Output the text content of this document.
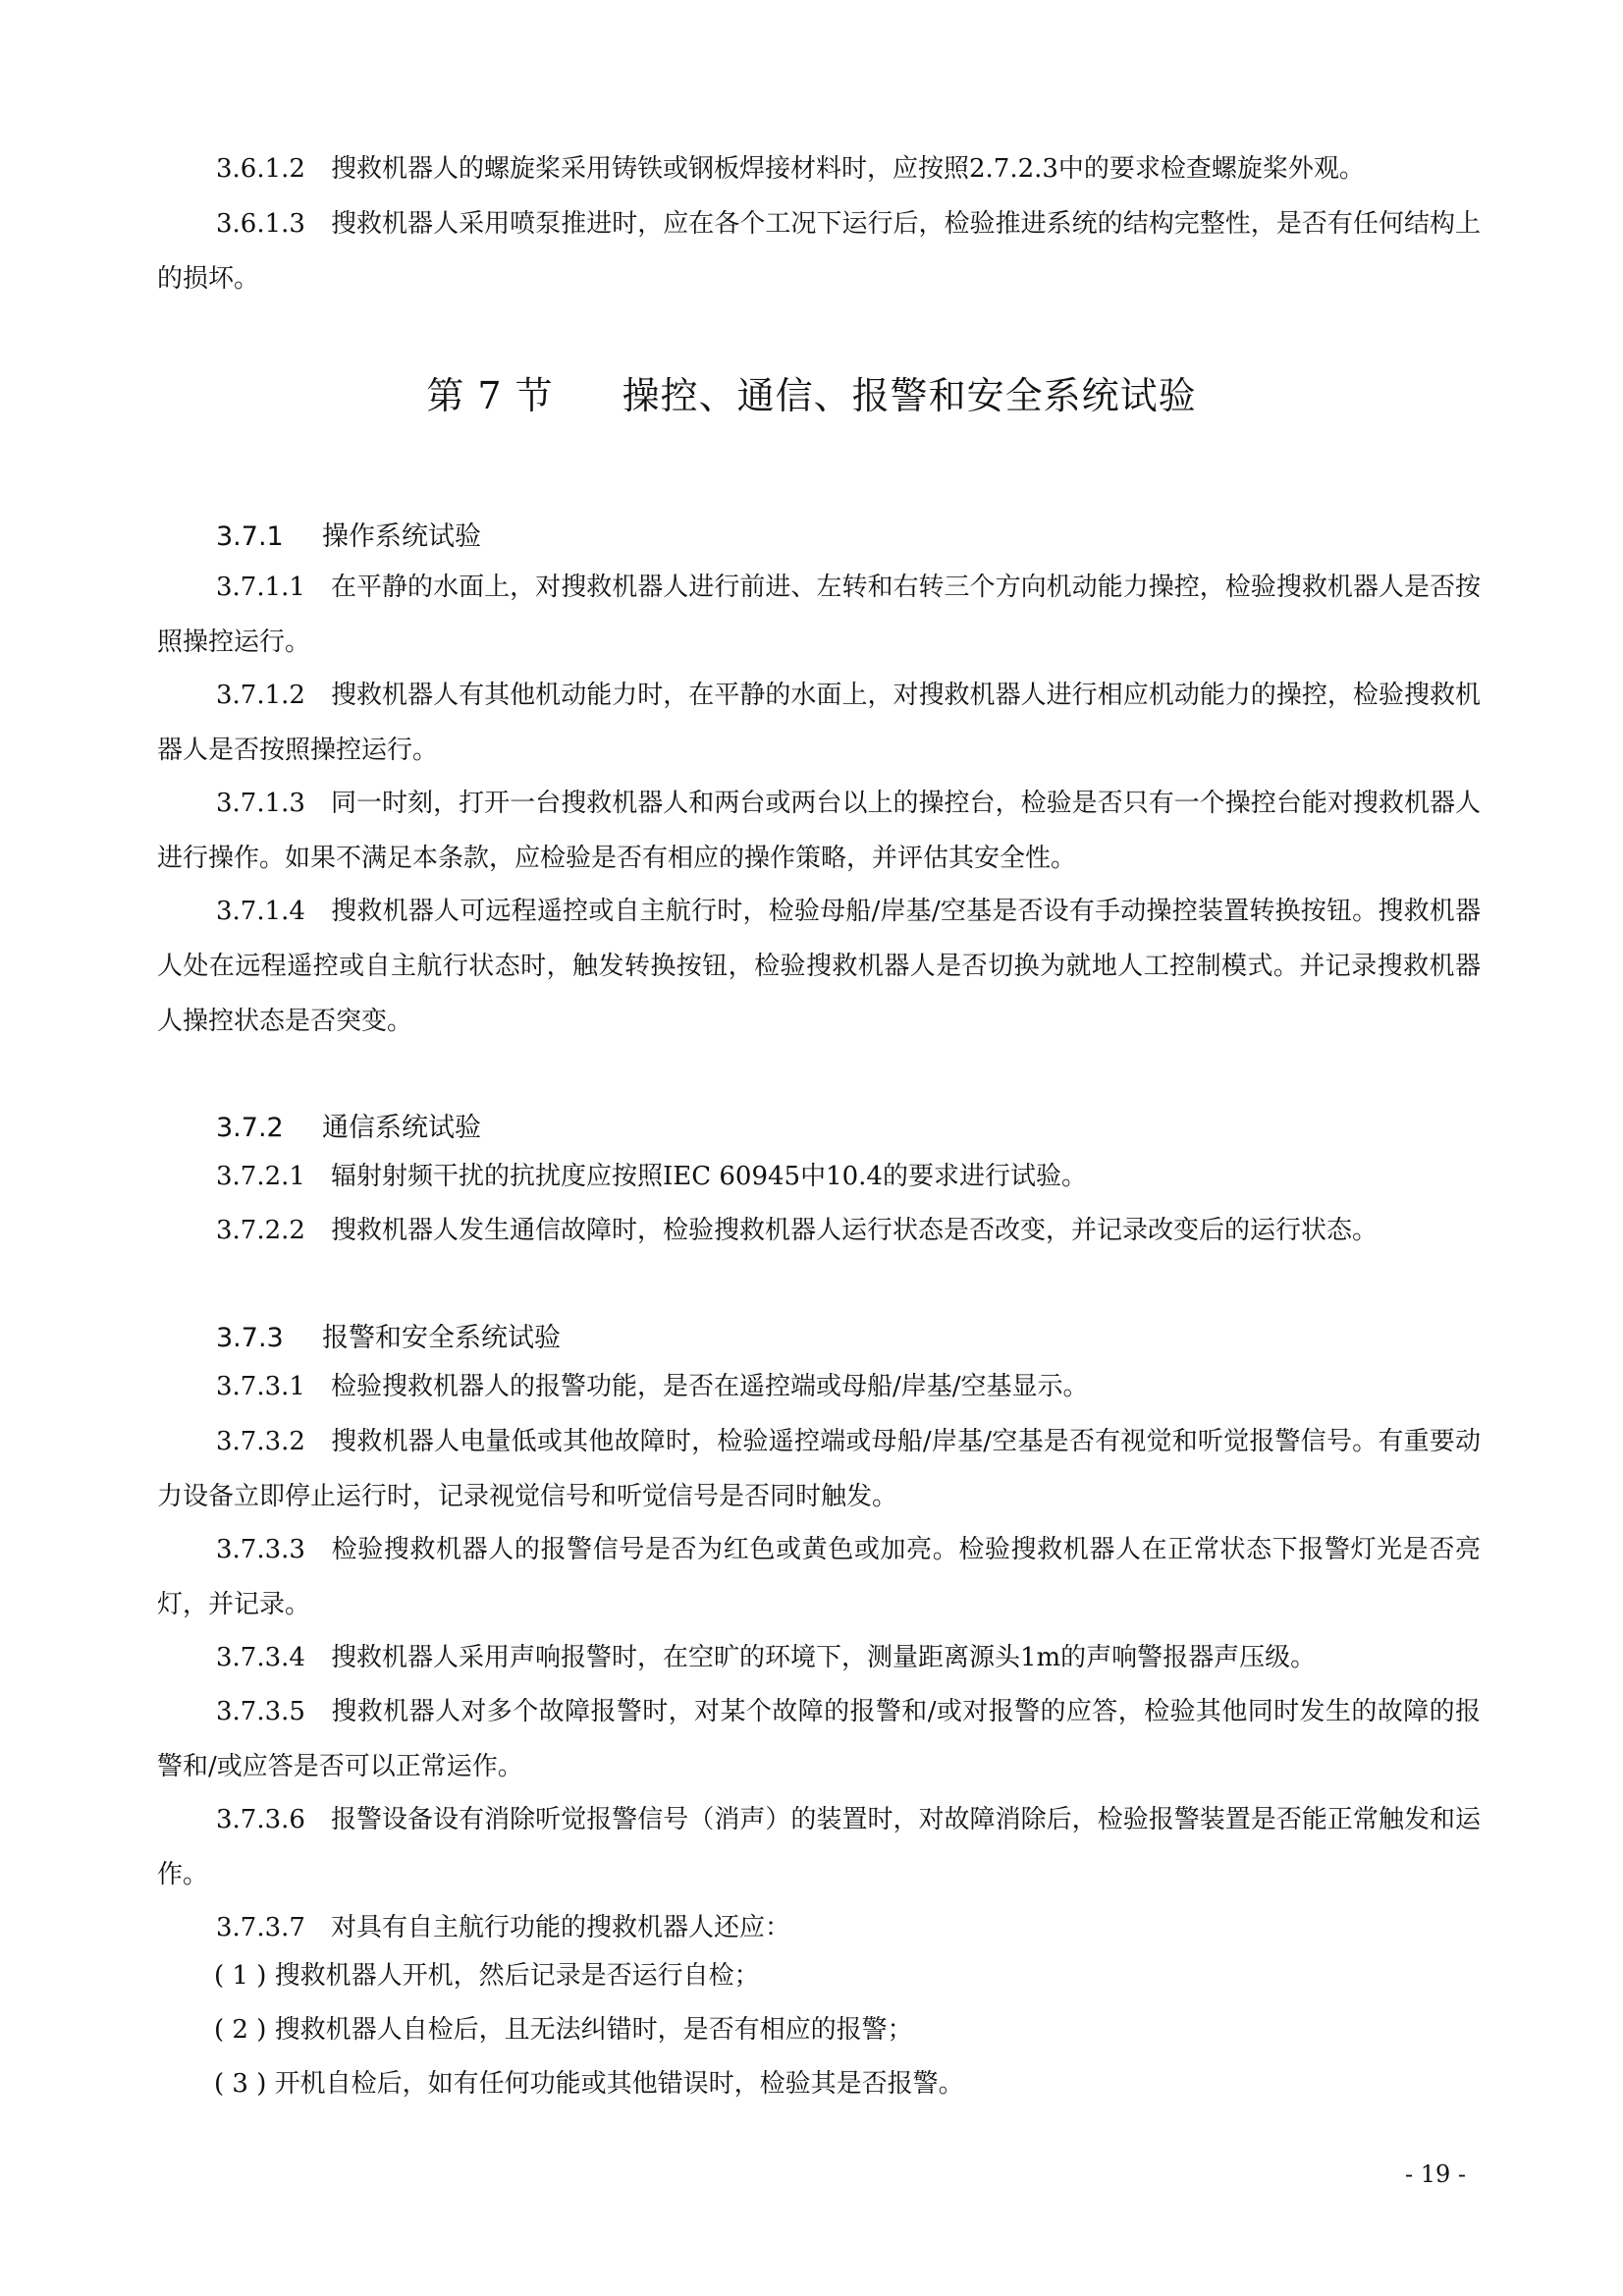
3.6.1.2 搜救机器人的螺旋桨采用铸铁或钢板焊接材料时，应按照2.7.2.3中的要求检查螺旋桨外观。

3.6.1.3 搜救机器人采用喷泵推进时，应在各个工况下运行后，检验推进系统的结构完整性，是否有任何结构上的损坏。

第 7 节 操控、通信、报警和安全系统试验
3.7.1 操作系统试验

3.7.1.1 在平静的水面上，对搜救机器人进行前进、左转和右转三个方向机动能力操控，检验搜救机器人是否按照操控运行。

3.7.1.2 搜救机器人有其他机动能力时，在平静的水面上，对搜救机器人进行相应机动能力的操控，检验搜救机器人是否按照操控运行。

3.7.1.3 同一时刻，打开一台搜救机器人和两台或两台以上的操控台，检验是否只有一个操控台能对搜救机器人进行操作。如果不满足本条款，应检验是否有相应的操作策略，并评估其安全性。

3.7.1.4 搜救机器人可远程遥控或自主航行时，检验母船/岸基/空基是否设有手动操控装置转换按钮。搜救机器人处在远程遥控或自主航行状态时，触发转换按钮，检验搜救机器人是否切换为就地人工控制模式。并记录搜救机器人操控状态是否突变。

3.7.2 通信系统试验

3.7.2.1 辐射射频干扰的抗扰度应按照IEC 60945中10.4的要求进行试验。

3.7.2.2 搜救机器人发生通信故障时，检验搜救机器人运行状态是否改变，并记录改变后的运行状态。

3.7.3 报警和安全系统试验

3.7.3.1 检验搜救机器人的报警功能，是否在遥控端或母船/岸基/空基显示。

3.7.3.2 搜救机器人电量低或其他故障时，检验遥控端或母船/岸基/空基是否有视觉和听觉报警信号。有重要动力设备立即停止运行时，记录视觉信号和听觉信号是否同时触发。

3.7.3.3 检验搜救机器人的报警信号是否为红色或黄色或加亮。检验搜救机器人在正常状态下报警灯光是否亮灯，并记录。

3.7.3.4 搜救机器人采用声响报警时，在空旷的环境下，测量距离源头1m的声响警报器声压级。

3.7.3.5 搜救机器人对多个故障报警时，对某个故障的报警和/或对报警的应答，检验其他同时发生的故障的报警和/或应答是否可以正常运作。

3.7.3.6 报警设备设有消除听觉报警信号（消声）的装置时，对故障消除后，检验报警装置是否能正常触发和运作。

3.7.3.7 对具有自主航行功能的搜救机器人还应：

( 1 ) 搜救机器人开机，然后记录是否运行自检；

( 2 ) 搜救机器人自检后，且无法纠错时，是否有相应的报警；

( 3 ) 开机自检后，如有任何功能或其他错误时，检验其是否报警。

- 19 -
